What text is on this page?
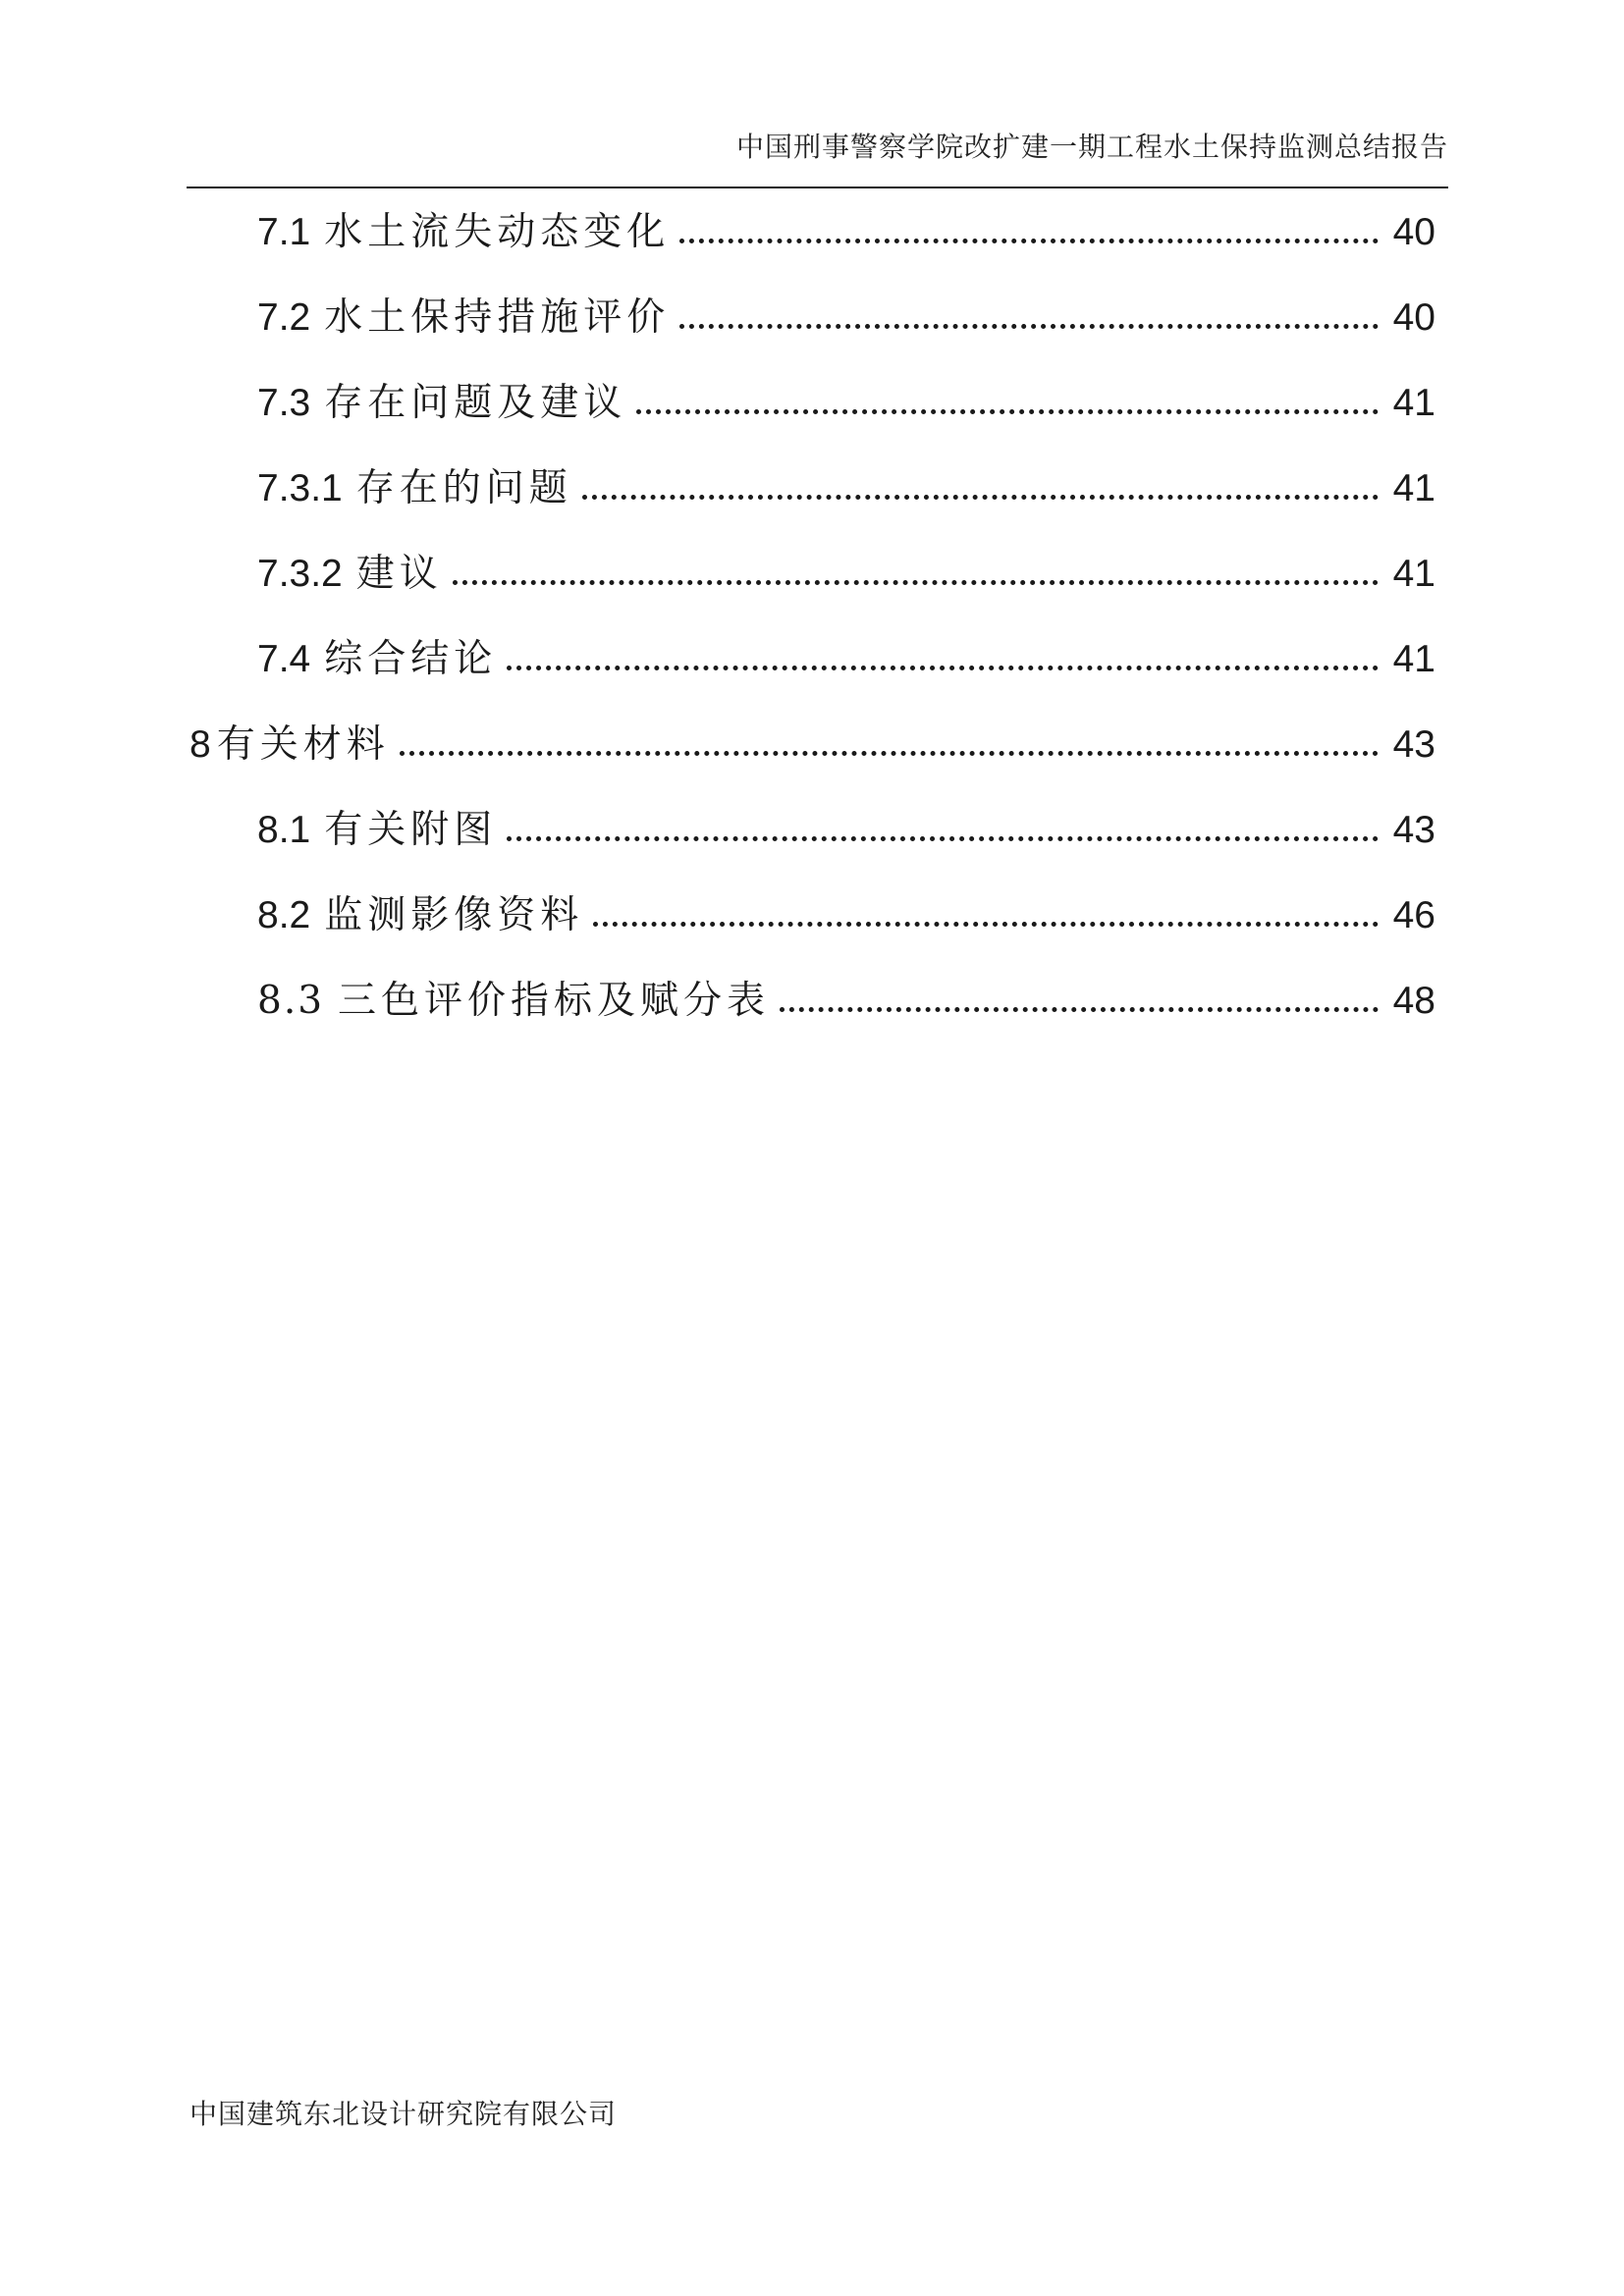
中国刑事警察学院改扩建一期工程水土保持监测总结报告
7.1 水土流失动态变化	40
7.2 水土保持措施评价	40
7.3 存在问题及建议	41
7.3.1 存在的问题	41
7.3.2 建议	41
7.4 综合结论	41
8 有关材料	43
8.1 有关附图	43
8.2 监测影像资料	46
8.3 三色评价指标及赋分表	48
中国建筑东北设计研究院有限公司
